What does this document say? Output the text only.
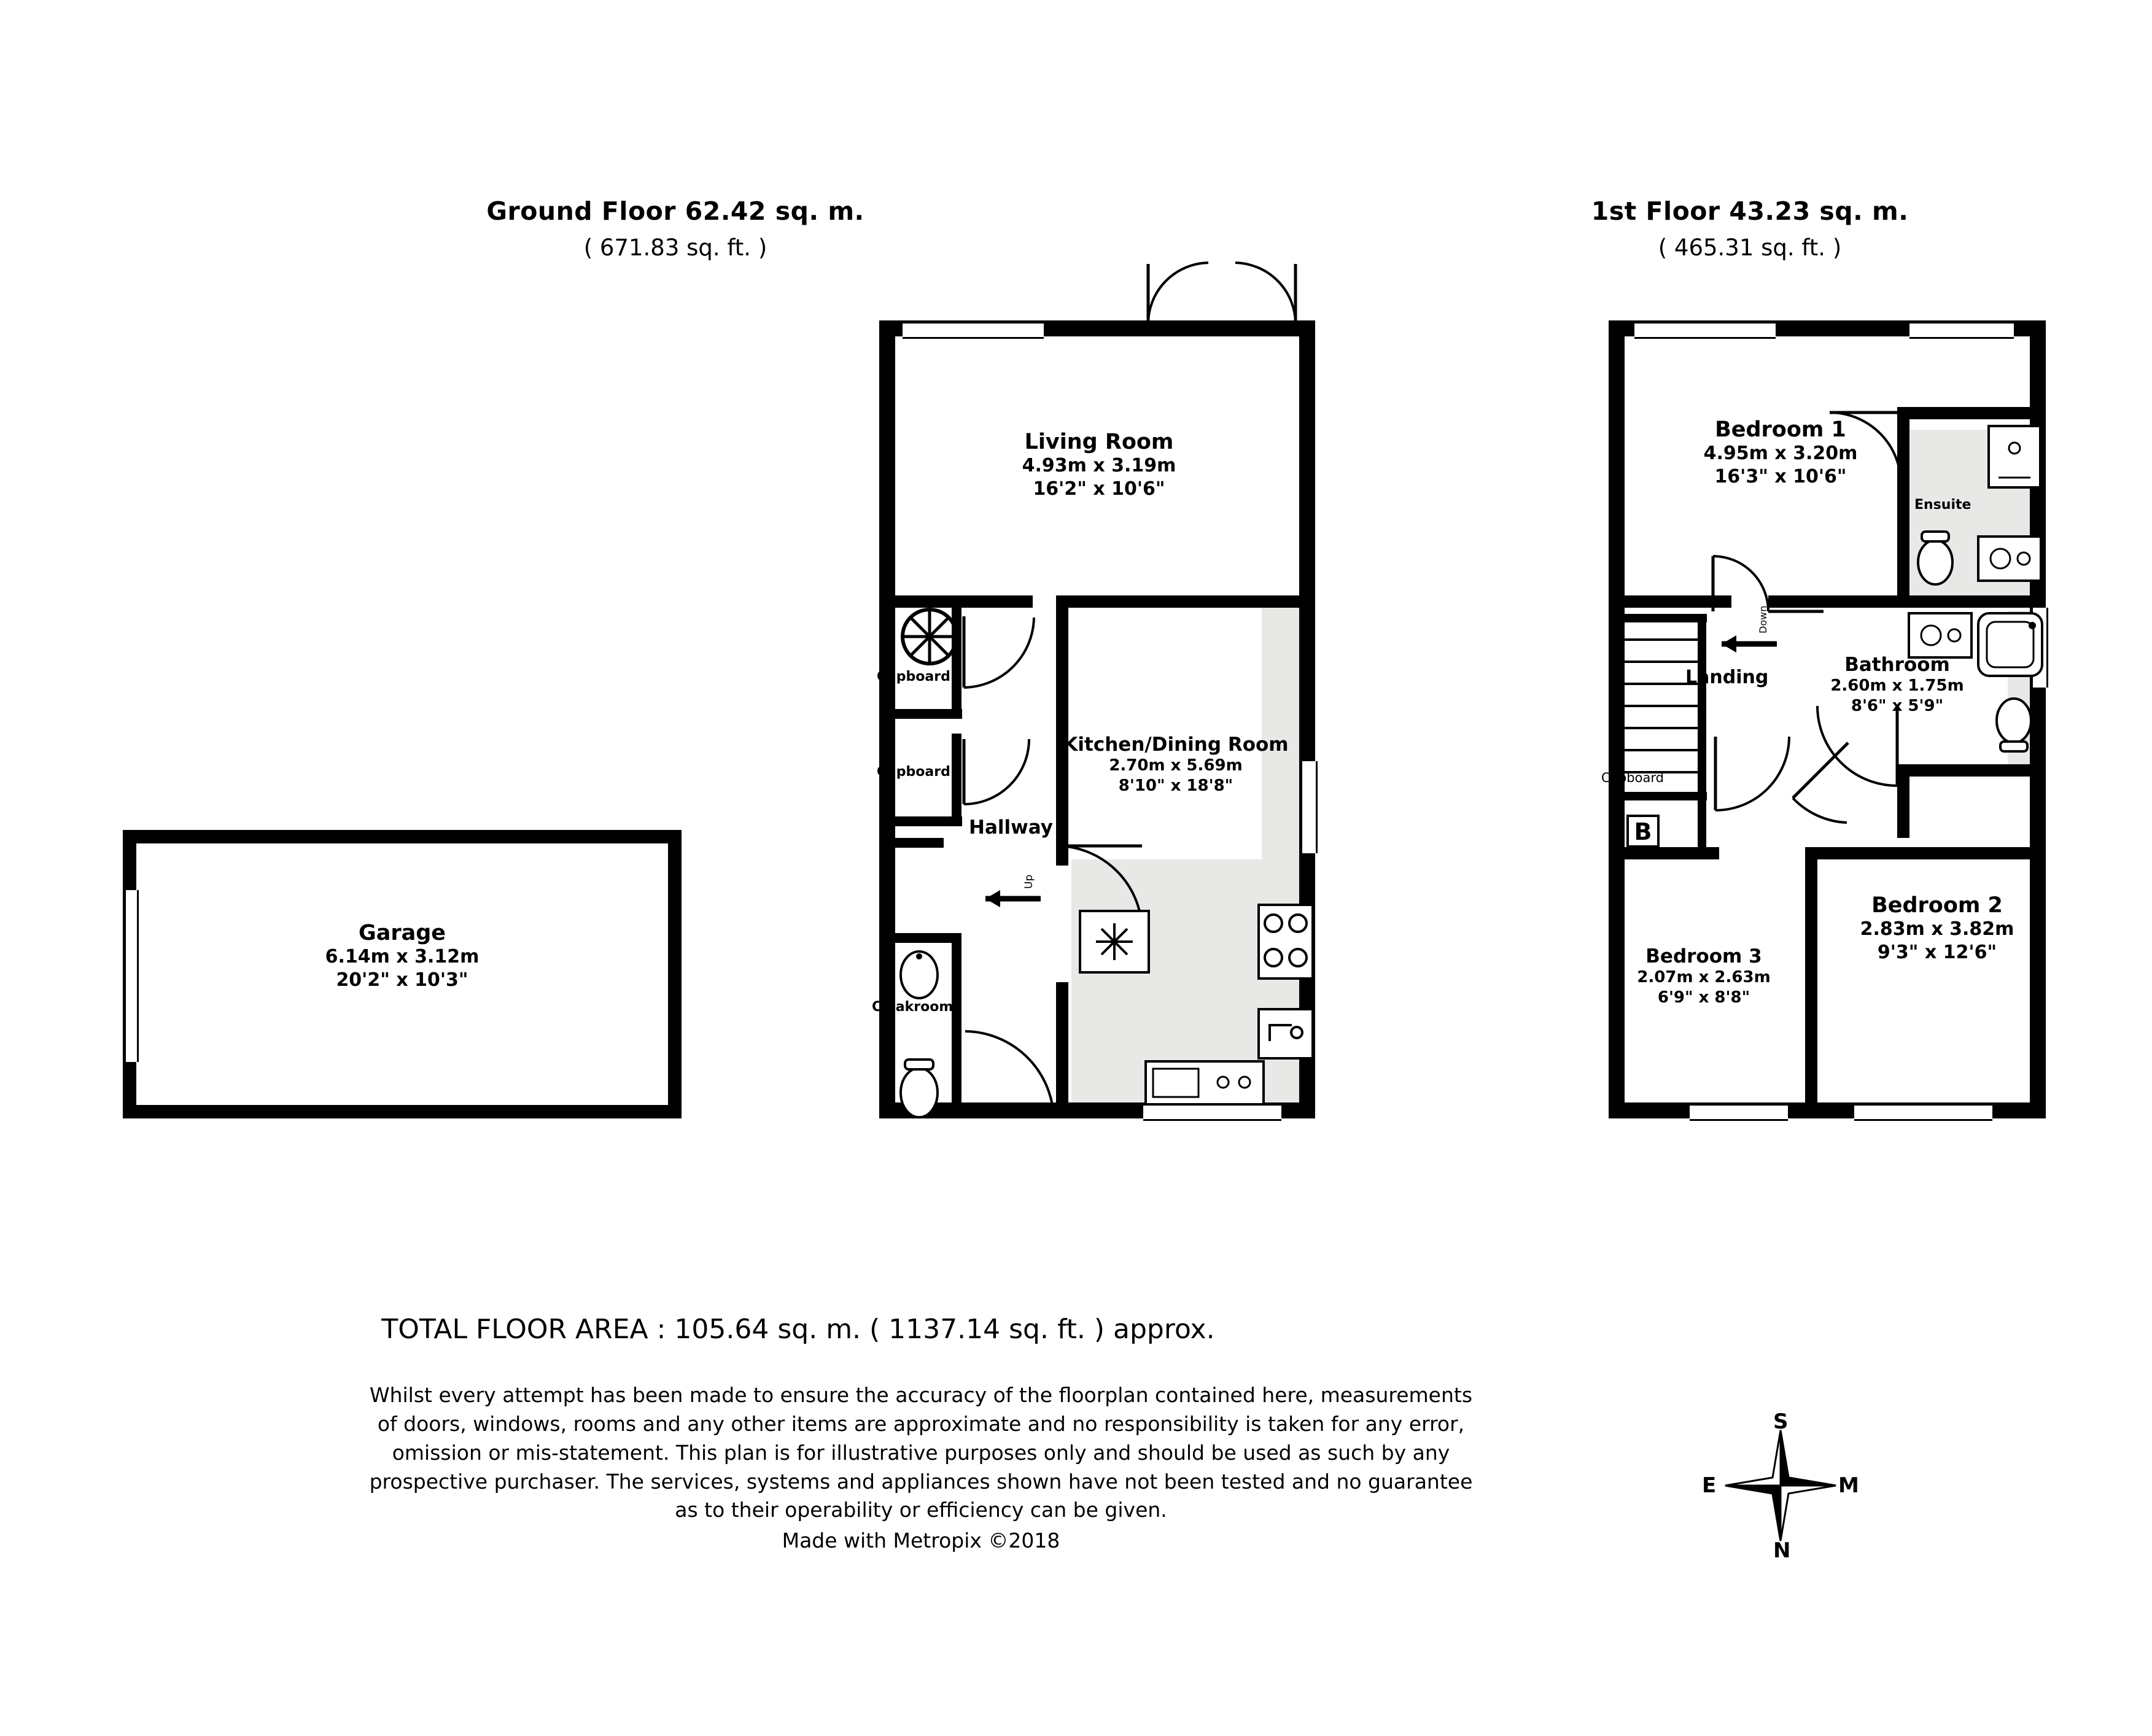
Ground Floor 62.42 sq. m.
( 671.83 sq. ft. )
1st Floor 43.23 sq. m.
( 465.31 sq. ft. )
Up
Living Room
4.93m x 3.19m
16'2" x 10'6"
Kitchen/Dining Room
2.70m x 5.69m
8'10" x 18'8"
Hallway
Cupboard
Cupboard
Cloakroom
Garage
6.14m x 3.12m
20'2" x 10'3"
Down
B
Cupboard
Ensuite
Bedroom 1
4.95m x 3.20m
16'3" x 10'6"
Bathroom
2.60m x 1.75m
8'6" x 5'9"
Bedroom 2
2.83m x 3.82m
9'3" x 12'6"
Bedroom 3
2.07m x 2.63m
6'9" x 8'8"
Landing
TOTAL FLOOR AREA : 105.64 sq. m. ( 1137.14 sq. ft. ) approx.
Whilst every attempt has been made to ensure the accuracy of the floorplan contained here, measurements
of doors, windows, rooms and any other items are approximate and no responsibility is taken for any error,
omission or mis-statement. This plan is for illustrative purposes only and should be used as such by any
prospective purchaser. The services, systems and appliances shown have not been tested and no guarantee
as to their operability or efficiency can be given.
Made with Metropix ©2018
S
M
N
E
